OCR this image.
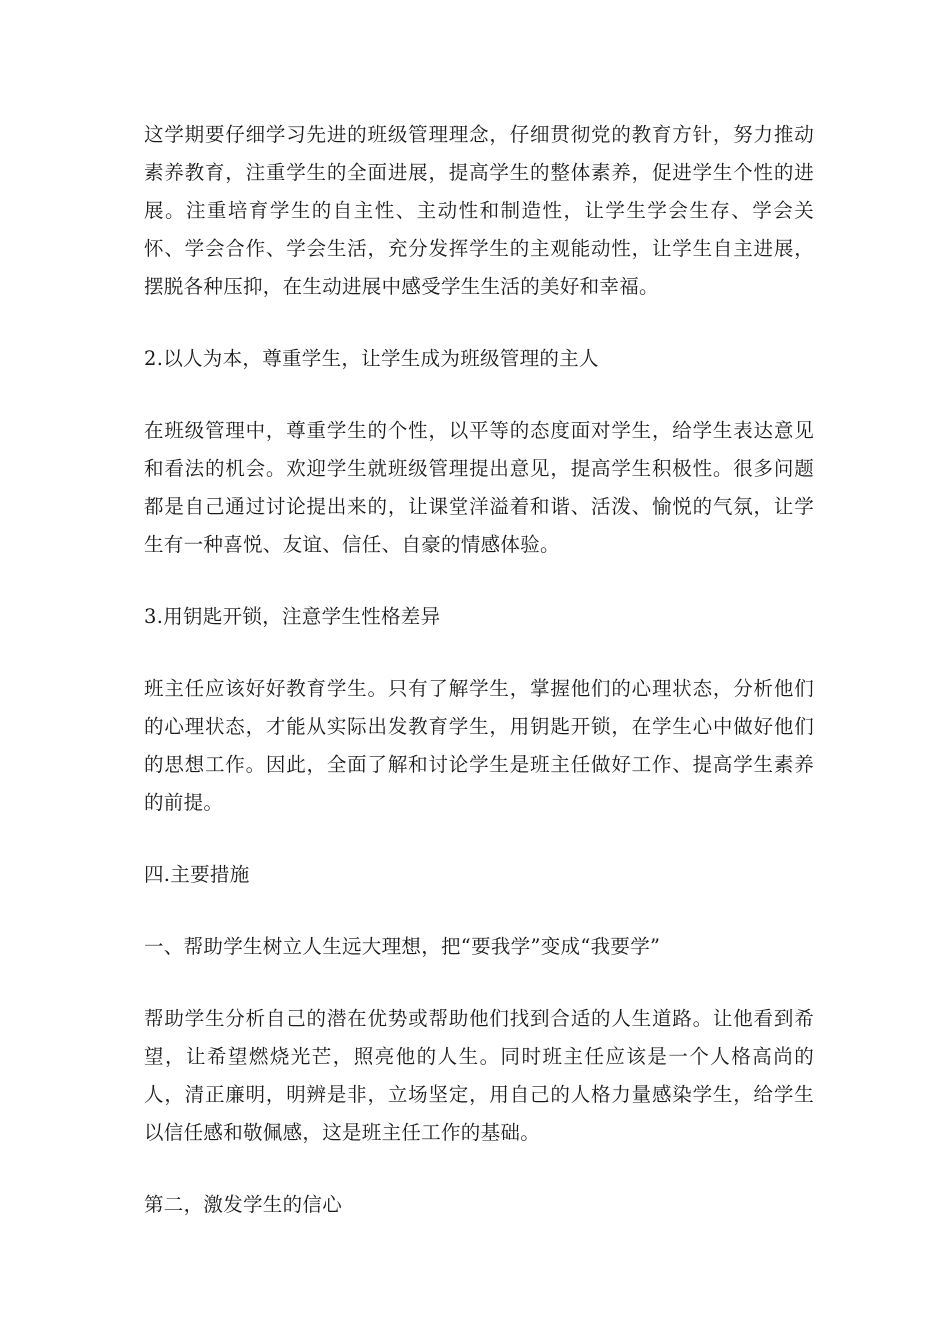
这学期要仔细学习先进的班级管理理念，仔细贯彻党的教育方针，努力推动素养教育，注重学生的全面进展，提高学生的整体素养，促进学生个性的进展。注重培育学生的自主性、主动性和制造性，让学生学会生存、学会关怀、学会合作、学会生活，充分发挥学生的主观能动性，让学生自主进展，摆脱各种压抑，在生动进展中感受学生生活的美好和幸福。

2.以人为本，尊重学生，让学生成为班级管理的主人

在班级管理中，尊重学生的个性，以平等的态度面对学生，给学生表达意见和看法的机会。欢迎学生就班级管理提出意见，提高学生积极性。很多问题都是自己通过讨论提出来的，让课堂洋溢着和谐、活泼、愉悦的气氛，让学生有一种喜悦、友谊、信任、自豪的情感体验。

3.用钥匙开锁，注意学生性格差异

班主任应该好好教育学生。只有了解学生，掌握他们的心理状态，分析他们的心理状态，才能从实际出发教育学生，用钥匙开锁，在学生心中做好他们的思想工作。因此，全面了解和讨论学生是班主任做好工作、提高学生素养的前提。

四.主要措施

一、帮助学生树立人生远大理想，把“要我学”变成“我要学”

帮助学生分析自己的潜在优势或帮助他们找到合适的人生道路。让他看到希望，让希望燃烧光芒，照亮他的人生。同时班主任应该是一个人格高尚的人，清正廉明，明辨是非，立场坚定，用自己的人格力量感染学生，给学生以信任感和敬佩感，这是班主任工作的基础。

第二，激发学生的信心
